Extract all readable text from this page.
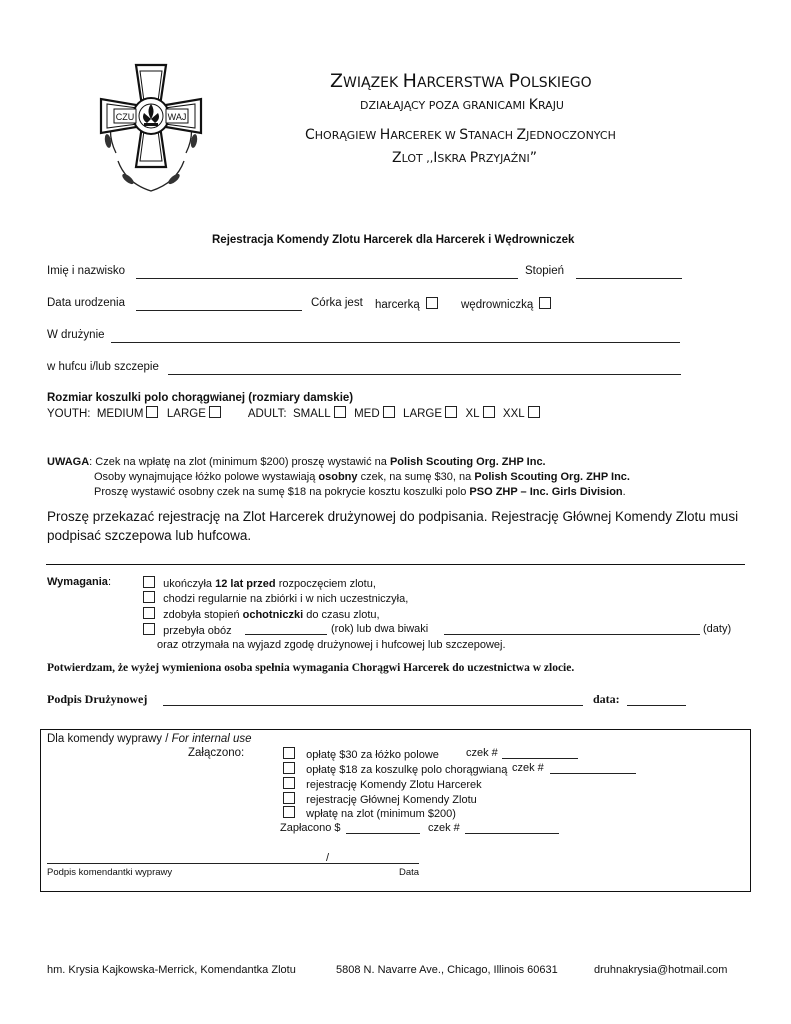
CZU	WAJ
ZWIĄZEK HARCERSTWA POLSKIEGO
DZIAŁAJĄCY POZA GRANICAMI KRAJU
CHORĄGIEW HARCEREK W STANACH ZJEDNOCZONYCH
ZLOT ,,ISKRA PRZYJAŹNI”
Rejestracja Komendy Zlotu Harcerek dla Harcerek i Wędrowniczek
Imię i nazwisko	Stopień
Data urodzenia	Córka jest harcerką	wędrowniczką
W drużynie
w hufcu i/lub szczepie
Rozmiar koszulki polo chorągwianej (rozmiary damskie)
YOUTH: MEDIUM LARGE	ADULT: SMALL MED LARGE XL XXL
UWAGA: Czek na wpłatę na zlot (minimum $200) proszę wystawić na Polish Scouting Org. ZHP Inc.
Osoby wynajmujące łóżko polowe wystawiają osobny czek, na sumę $30, na Polish Scouting Org. ZHP Inc.
Proszę wystawić osobny czek na sumę $18 na pokrycie kosztu koszulki polo PSO ZHP – Inc. Girls Division.
Proszę przekazać rejestrację na Zlot Harcerek drużynowej do podpisania. Rejestrację Głównej Komendy Zlotu musi
podpisać szczepowa lub hufcowa.
Wymagania:	ukończyła 12 lat przed rozpoczęciem zlotu,
chodzi regularnie na zbiórki i w nich uczestniczyła,
zdobyła stopień ochotniczki do czasu zlotu,
przebyła obóz	(rok) lub dwa biwaki	(daty)
oraz otrzymała na wyjazd zgodę drużynowej i hufcowej lub szczepowej.
Potwierdzam, że wyżej wymieniona osoba spełnia wymagania Chorągwi Harcerek do uczestnictwa w zlocie.
Podpis Drużynowej	data:
Dla komendy wyprawy / For internal use
Załączono:	opłatę $30 za łóżko polowe czek #
opłatę $18 za koszulkę polo chorągwianą czek #
rejestrację Komendy Zlotu Harcerek
rejestrację Głównej Komendy Zlotu
wpłatę na zlot (minimum $200)
Zapłacono $	czek #
/
Podpis komendantki wyprawy	Data
hm. Krysia Kajkowska-Merrick, Komendantka Zlotu	5808 N. Navarre Ave., Chicago, Illinois 60631	druhnakrysia@hotmail.com
